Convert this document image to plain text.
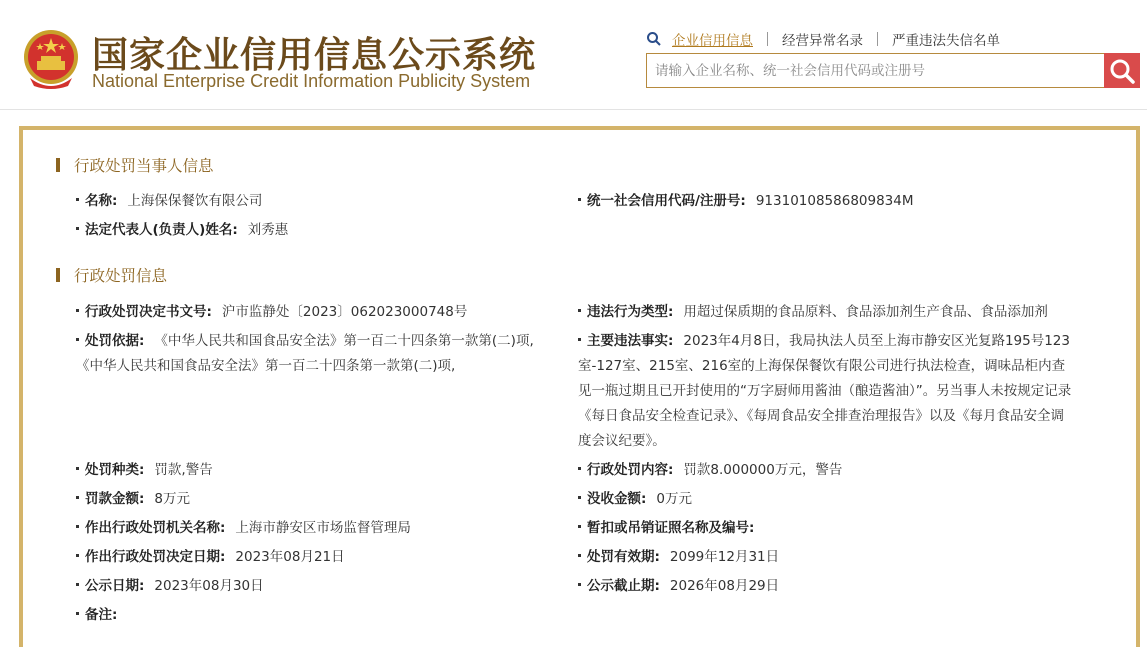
国家企业信用信息公示系统
National Enterprise Credit Information Publicity System
企业信用信息 经营异常名录 严重违法失信名单
请输入企业名称、统一社会信用代码或注册号
行政处罚当事人信息
名称: 上海保保餐饮有限公司	统一社会信用代码/注册号: 91310108586809834M
法定代表人(负责人)姓名: 刘秀惠
行政处罚信息
行政处罚决定书文号: 沪市监静处〔2023〕062023000748号	违法行为类型: 用超过保质期的食品原料、食品添加剂生产食品、食品添加剂
处罚依据: 《中华人民共和国食品安全法》第一百二十四条第一款第(二)项,《中华人民共和国食品安全法》第一百二十四条第一款第(二)项,
主要违法事实: 2023年4月8日，我局执法人员至上海市静安区光复路195号123室-127室、215室、216室的上海保保餐饮有限公司进行执法检查，调味品柜内查见一瓶过期且已开封使用的“万字厨师用酱油（酿造酱油）”。另当事人未按规定记录《每日食品安全检查记录》、《每周食品安全排查治理报告》以及《每月食品安全调度会议纪要》。
处罚种类: 罚款,警告	行政处罚内容: 罚款8.000000万元，警告
罚款金额: 8万元	没收金额: 0万元
作出行政处罚机关名称: 上海市静安区市场监督管理局	暂扣或吊销证照名称及编号:
作出行政处罚决定日期: 2023年08月21日	处罚有效期: 2099年12月31日
公示日期: 2023年08月30日	公示截止期: 2026年08月29日
备注:
